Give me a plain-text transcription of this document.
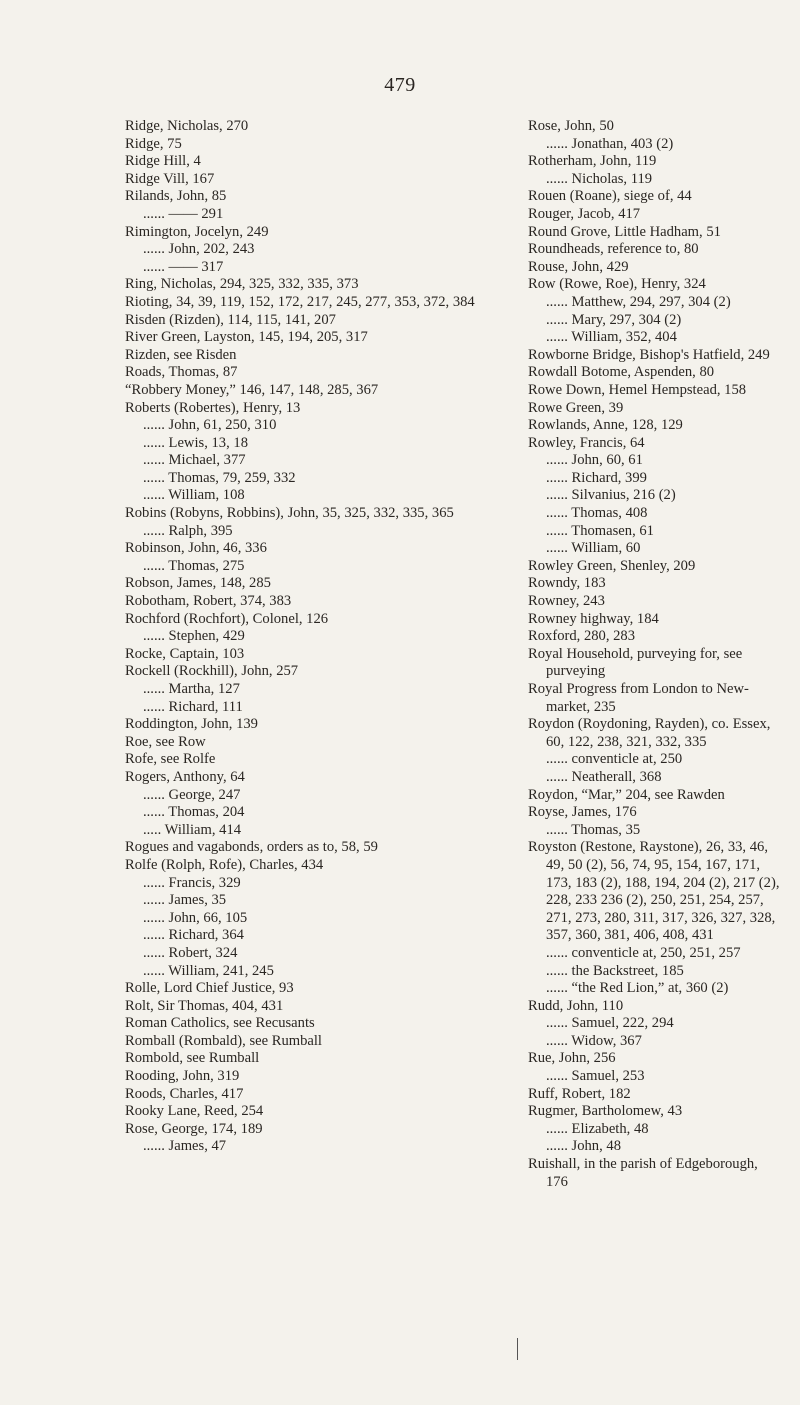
479

Ridge, Nicholas, 270

Ridge, 75

Ridge Hill, 4

Ridge Vill, 167

Rilands, John, 85

...... —— 291

Rimington, Jocelyn, 249

...... John, 202, 243

...... —— 317

Ring, Nicholas, 294, 325, 332, 335, 373

Rioting, 34, 39, 119, 152, 172, 217, 245, 277, 353, 372, 384

Risden (Rizden), 114, 115, 141, 207

River Green, Layston, 145, 194, 205, 317

Rizden, see Risden

Roads, Thomas, 87

“Robbery Money,” 146, 147, 148, 285, 367

Roberts (Robertes), Henry, 13

...... John, 61, 250, 310

...... Lewis, 13, 18

...... Michael, 377

...... Thomas, 79, 259, 332

...... William, 108

Robins (Robyns, Robbins), John, 35, 325, 332, 335, 365

...... Ralph, 395

Robinson, John, 46, 336

...... Thomas, 275

Robson, James, 148, 285

Robotham, Robert, 374, 383

Rochford (Rochfort), Colonel, 126

...... Stephen, 429

Rocke, Captain, 103

Rockell (Rockhill), John, 257

...... Martha, 127

...... Richard, 111

Roddington, John, 139

Roe, see Row

Rofe, see Rolfe

Rogers, Anthony, 64

...... George, 247

...... Thomas, 204

..... William, 414

Rogues and vagabonds, orders as to, 58, 59

Rolfe (Rolph, Rofe), Charles, 434

...... Francis, 329

...... James, 35

...... John, 66, 105

...... Richard, 364

...... Robert, 324

...... William, 241, 245

Rolle, Lord Chief Justice, 93

Rolt, Sir Thomas, 404, 431

Roman Catholics, see Recusants

Romball (Rombald), see Rumball

Rombold, see Rumball

Rooding, John, 319

Roods, Charles, 417

Rooky Lane, Reed, 254

Rose, George, 174, 189

...... James, 47

Rose, John, 50

...... Jonathan, 403 (2)

Rotherham, John, 119

...... Nicholas, 119

Rouen (Roane), siege of, 44

Rouger, Jacob, 417

Round Grove, Little Hadham, 51

Roundheads, reference to, 80

Rouse, John, 429

Row (Rowe, Roe), Henry, 324

...... Matthew, 294, 297, 304 (2)

...... Mary, 297, 304 (2)

...... William, 352, 404

Rowborne Bridge, Bishop's Hatfield, 249

Rowdall Botome, Aspenden, 80

Rowe Down, Hemel Hempstead, 158

Rowe Green, 39

Rowlands, Anne, 128, 129

Rowley, Francis, 64

...... John, 60, 61

...... Richard, 399

...... Silvanius, 216 (2)

...... Thomas, 408

...... Thomasen, 61

...... William, 60

Rowley Green, Shenley, 209

Rowndy, 183

Rowney, 243

Rowney highway, 184

Roxford, 280, 283

Royal Household, purveying for, see purveying

Royal Progress from London to New-market, 235

Roydon (Roydoning, Rayden), co. Essex, 60, 122, 238, 321, 332, 335

...... conventicle at, 250

...... Neatherall, 368

Roydon, “Mar,” 204, see Rawden

Royse, James, 176

...... Thomas, 35

Royston (Restone, Raystone), 26, 33, 46, 49, 50 (2), 56, 74, 95, 154, 167, 171, 173, 183 (2), 188, 194, 204 (2), 217 (2), 228, 233 236 (2), 250, 251, 254, 257, 271, 273, 280, 311, 317, 326, 327, 328, 357, 360, 381, 406, 408, 431

...... conventicle at, 250, 251, 257

...... the Backstreet, 185

...... “the Red Lion,” at, 360 (2)

Rudd, John, 110

...... Samuel, 222, 294

...... Widow, 367

Rue, John, 256

...... Samuel, 253

Ruff, Robert, 182

Rugmer, Bartholomew, 43

...... Elizabeth, 48

...... John, 48

Ruishall, in the parish of Edgeborough, 176
